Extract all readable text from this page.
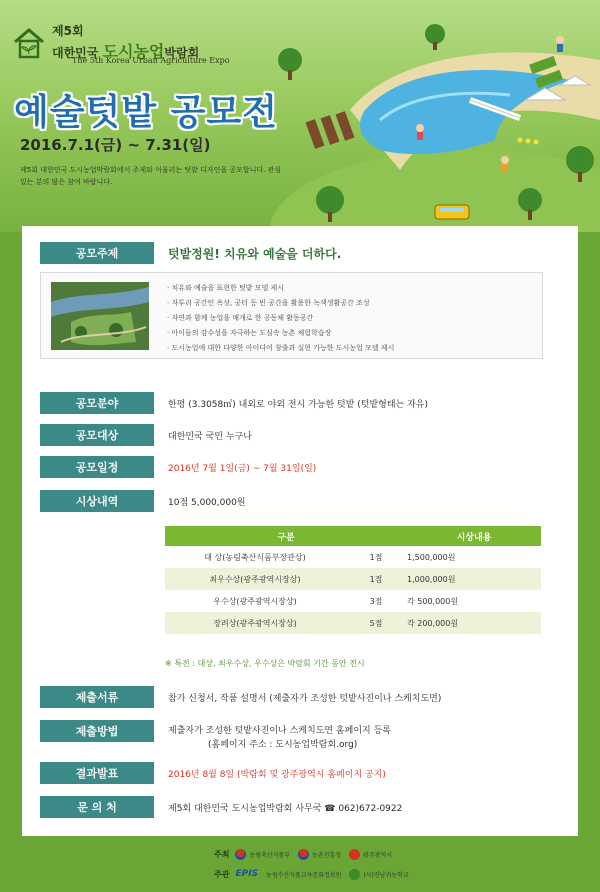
제5회
대한민국 도시농업박람회
The 5th Korea Urban Agriculture Expo
예술텃밭 공모전
2016.7.1(금) ~ 7.31(일)
제5회 대한민국 도시농업박람회에서 주제와 어울리는 텃밭 디자인을 공모합니다. 관심 있는 분의 많은 참여 바랍니다.
공모주제	텃밭정원! 치유와 예술을 더하다.
· 치유와 예술을 표현한 텃밭 모델 제시
· 자투리 공간인 옥상, 공터 등 빈 공간을 활용한 녹색생활공간 조성
· 자연과 함께 농업을 매개로 한 공동체 활동공간
· 아이들의 감수성을 자극하는 도심속 농촌 체험학습장
· 도시농업에 대한 다양한 아이디어 창출과 실현 가능한 도시농업 모델 제시
공모분야	한평 (3.3058㎡) 내외로 야외 전시 가능한 텃밭 (텃밭형태는 자유)
공모대상	대한민국 국민 누구나
공모일정	2016년 7월 1일(금) ~ 7월 31일(일)
시상내역	10점 5,000,000원
구분	시상내용
대 상(농림축산식품부장관상)	1점	1,500,000원
최우수상(광주광역시장상)	1점	1,000,000원
우수상(광주광역시장상)	3점	각 500,000원
장려상(광주광역시장상)	5점	각 200,000원
※ 특전 : 대상, 최우수상, 우수상은 박람회 기간 동안 전시
제출서류	참가 신청서, 작품 설명서 (제출자가 조성한 텃밭사진이나 스케치도면)
제출방법	제출자가 조성한 텃밭사진이나 스케치도면 홈페이지 등록
(홈페이지 주소 : 도시농업박람회.org)
결과발표	2016년 8월 8일 (박람회 및 광주광역시 홈페이지 공지)
문 의 처	제5회 대한민국 도시농업박람회 사무국 ☎ 062)672-0922
주최	농림축산식품부	농촌진흥청	광주광역시
주관 EPIS 농림수산식품교육문화정보원	(사)전남귀농학교
